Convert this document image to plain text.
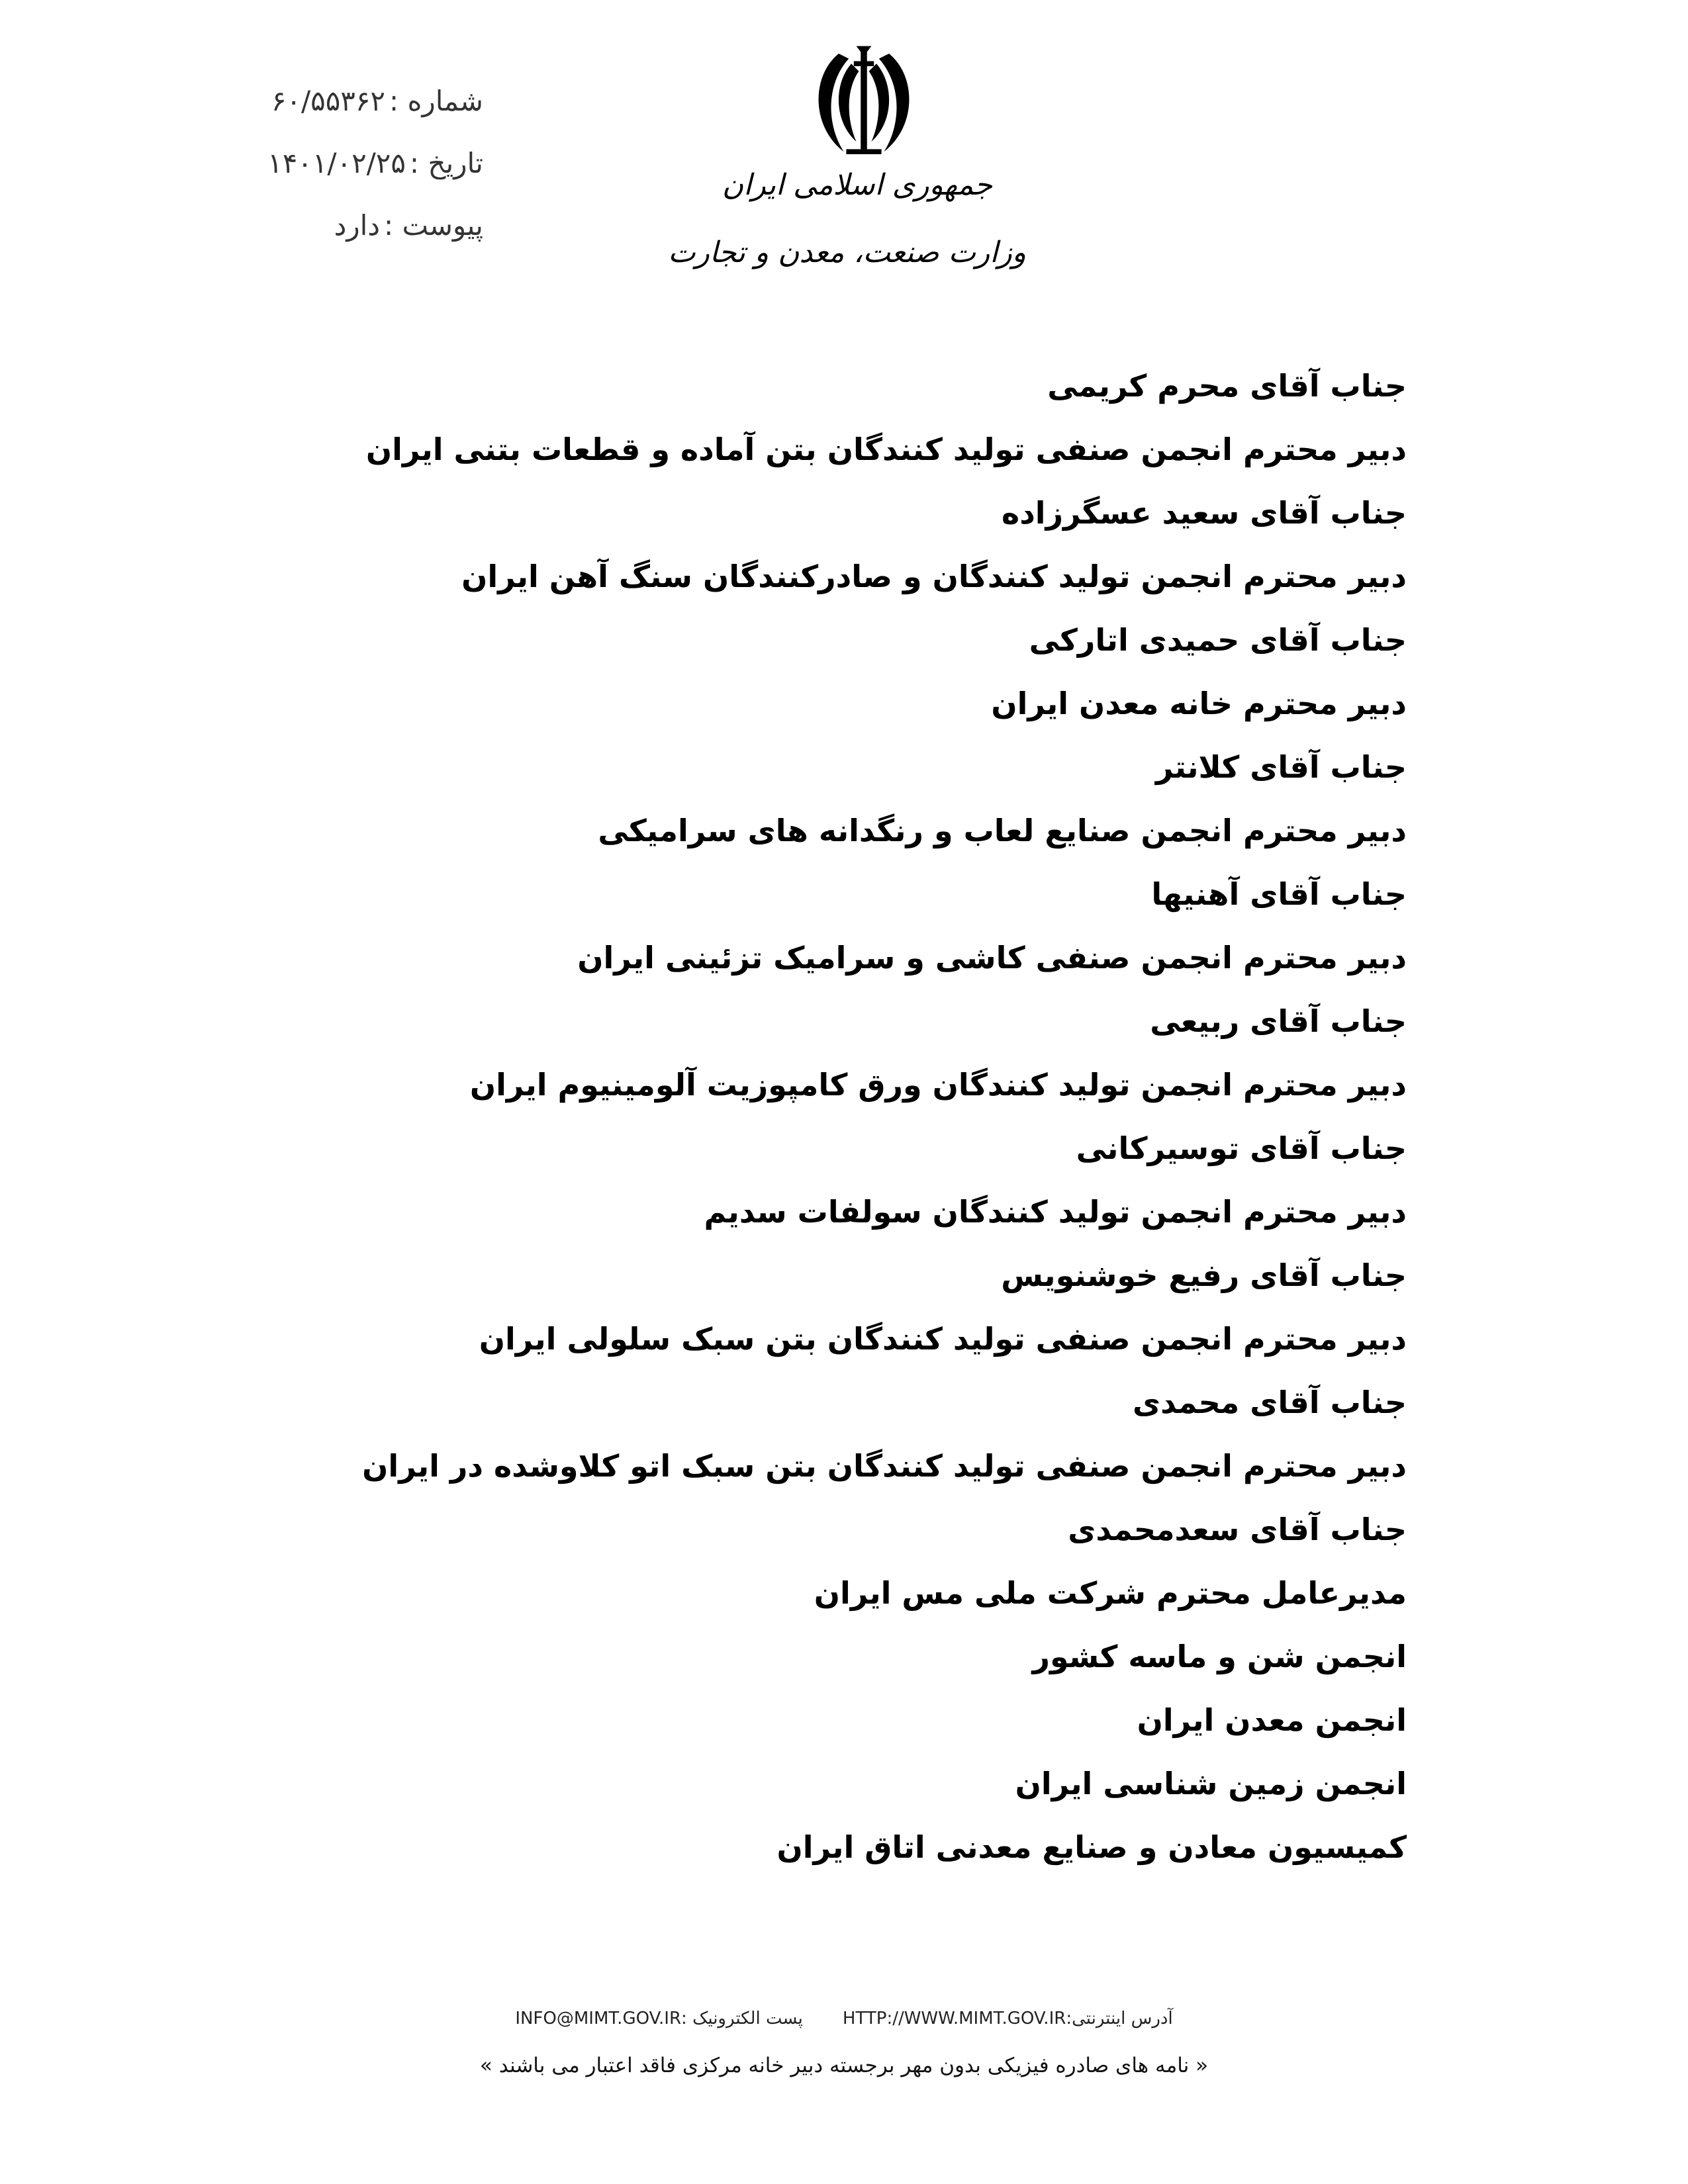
جمهوری اسلامی ایران
وزارت صنعت، معدن و تجارت
شماره :۶۰/۵۵۳۶۲
تاریخ :۱۴۰۱/۰۲/۲۵
پیوست :دارد
جناب آقای محرم کریمی
دبیر محترم انجمن صنفی تولید کنندگان بتن آماده و قطعات بتنی ایران
جناب آقای سعید عسگرزاده
دبیر محترم انجمن تولید کنندگان و صادرکنندگان سنگ آهن ایران
جناب آقای حمیدی اتارکی
دبیر محترم خانه معدن ایران
جناب آقای کلانتر
دبیر محترم انجمن صنایع لعاب و رنگدانه های سرامیکی
جناب آقای آهنیها
دبیر محترم انجمن صنفی کاشی و سرامیک تزئینی ایران
جناب آقای ربیعی
دبیر محترم انجمن تولید کنندگان ورق کامپوزیت آلومینیوم ایران
جناب آقای توسیرکانی
دبیر محترم انجمن تولید کنندگان سولفات سدیم
جناب آقای رفیع خوشنویس
دبیر محترم انجمن صنفی تولید کنندگان بتن سبک سلولی ایران
جناب آقای محمدی
دبیر محترم انجمن صنفی تولید کنندگان بتن سبک اتو کلاوشده در ایران
جناب آقای سعدمحمدی
مدیرعامل محترم شرکت ملی مس ایران
انجمن شن و ماسه کشور
انجمن معدن ایران
انجمن زمین شناسی ایران
کمیسیون معادن و صنایع معدنی اتاق ایران
آدرس اینترنتی:HTTP://WWW.MIMT.GOV.IRپست الکترونیک :INFO@MIMT.GOV.IR
« نامه های صادره فیزیکی بدون مهر برجسته دبیر خانه مرکزی فاقد اعتبار می باشند »
